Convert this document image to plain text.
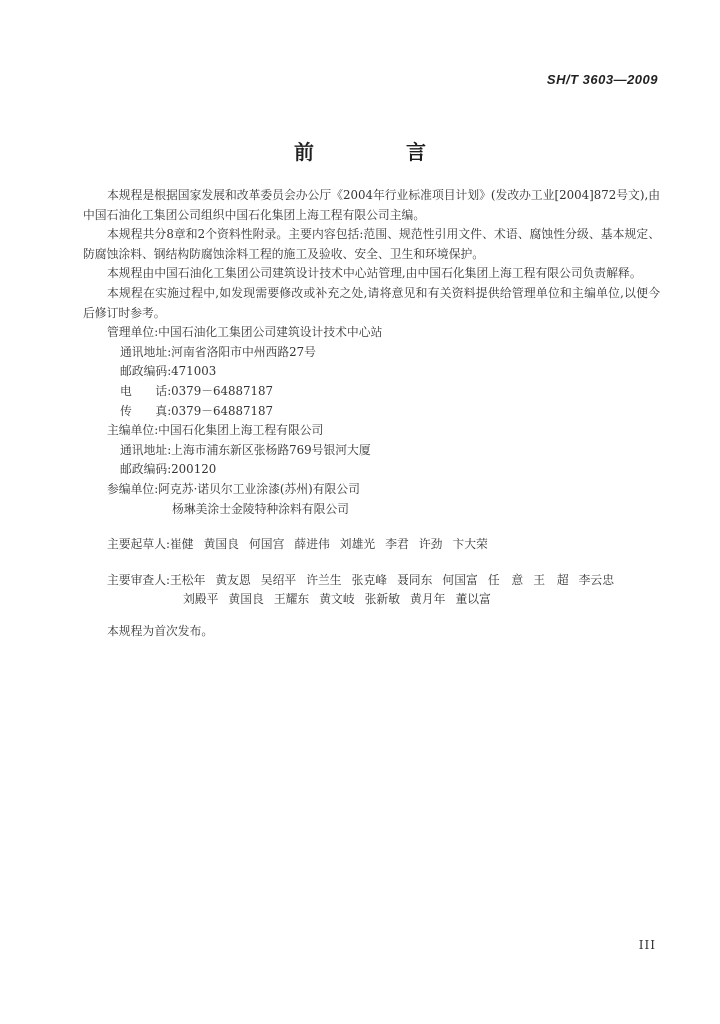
SH/T 3603—2009
前　言

本规程是根据国家发展和改革委员会办公厅《2004年行业标准项目计划》(发改办工业[2004]872号文),由中国石油化工集团公司组织中国石化集团上海工程有限公司主编。

本规程共分8章和2个资料性附录。主要内容包括:范围、规范性引用文件、术语、腐蚀性分级、基本规定、防腐蚀涂料、钢结构防腐蚀涂料工程的施工及验收、安全、卫生和环境保护。

本规程由中国石油化工集团公司建筑设计技术中心站管理,由中国石化集团上海工程有限公司负责解释。

本规程在实施过程中,如发现需要修改或补充之处,请将意见和有关资料提供给管理单位和主编单位,以便今后修订时参考。

管理单位:中国石油化工集团公司建筑设计技术中心站

通讯地址:河南省洛阳市中州西路27号

邮政编码:471003

电　　话:0379－64887187

传　　真:0379－64887187

主编单位:中国石化集团上海工程有限公司

通讯地址:上海市浦东新区张杨路769号银河大厦

邮政编码:200120

参编单位:阿克苏·诺贝尔工业涂漆(苏州)有限公司

杨琳美涂士金陵特种涂料有限公司

主要起草人:崔健 黄国良 何国宫 薛进伟 刘雄光 李君 许劲 卞大荣

主要审查人:王松年 黄友恩 吴绍平 许兰生 张克峰 聂同东 何国富 任　意 王　超 李云忠

刘殿平 黄国良 王耀东 黄文岐 张新敏 黄月年 董以富

本规程为首次发布。

III
